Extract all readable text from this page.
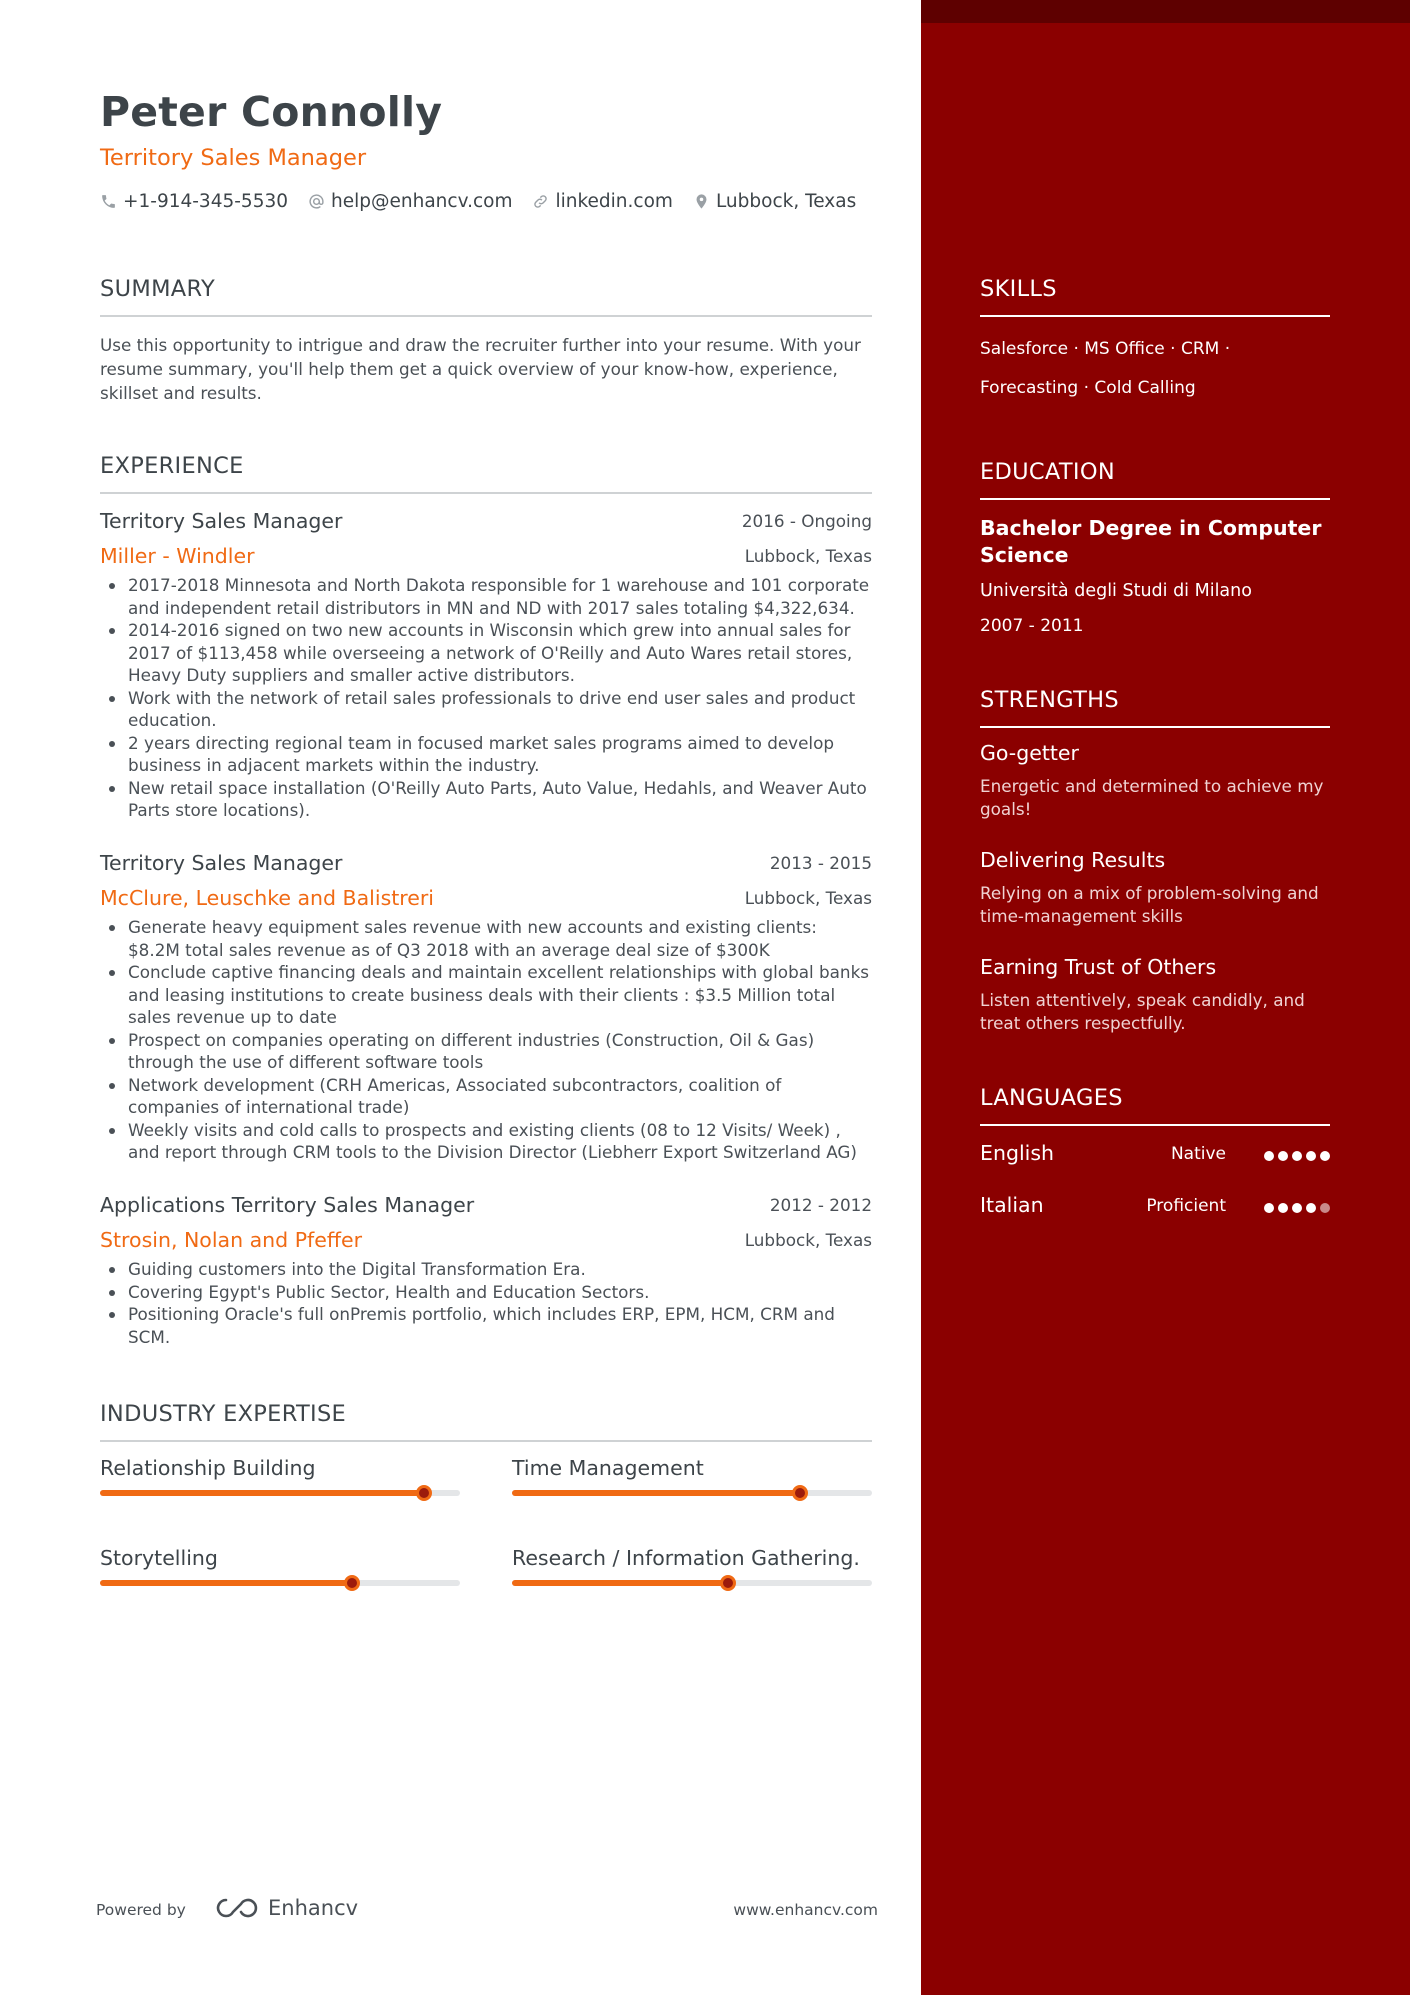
Peter Connolly
Territory Sales Manager
+1-914-345-5530 help@enhancv.com linkedin.com Lubbock, Texas
SUMMARY
Use this opportunity to intrigue and draw the recruiter further into your resume. With your resume summary, you'll help them get a quick overview of your know-how, experience, skillset and results.
EXPERIENCE
Territory Sales Manager	2016 - Ongoing
Miller - Windler	Lubbock, Texas
2017-2018 Minnesota and North Dakota responsible for 1 warehouse and 101 corporate and independent retail distributors in MN and ND with 2017 sales totaling $4,322,634.
2014-2016 signed on two new accounts in Wisconsin which grew into annual sales for 2017 of $113,458 while overseeing a network of O'Reilly and Auto Wares retail stores, Heavy Duty suppliers and smaller active distributors.
Work with the network of retail sales professionals to drive end user sales and product education.
2 years directing regional team in focused market sales programs aimed to develop business in adjacent markets within the industry.
New retail space installation (O'Reilly Auto Parts, Auto Value, Hedahls, and Weaver Auto Parts store locations).
Territory Sales Manager	2013 - 2015
McClure, Leuschke and Balistreri	Lubbock, Texas
Generate heavy equipment sales revenue with new accounts and existing clients: $8.2M total sales revenue as of Q3 2018 with an average deal size of $300K
Conclude captive financing deals and maintain excellent relationships with global banks and leasing institutions to create business deals with their clients : $3.5 Million total sales revenue up to date
Prospect on companies operating on different industries (Construction, Oil & Gas) through the use of different software tools
Network development (CRH Americas, Associated subcontractors, coalition of companies of international trade)
Weekly visits and cold calls to prospects and existing clients (08 to 12 Visits/ Week) , and report through CRM tools to the Division Director (Liebherr Export Switzerland AG)
Applications Territory Sales Manager	2012 - 2012
Strosin, Nolan and Pfeffer	Lubbock, Texas
Guiding customers into the Digital Transformation Era.
Covering Egypt's Public Sector, Health and Education Sectors.
Positioning Oracle's full onPremis portfolio, which includes ERP, EPM, HCM, CRM and SCM.
INDUSTRY EXPERTISE
Relationship Building	Time Management
Storytelling	Research / Information Gathering.
Powered by	Enhancv	www.enhancv.com
SKILLS
Salesforce · MS Office · CRM ·
Forecasting · Cold Calling
EDUCATION
Bachelor Degree in Computer Science
Università degli Studi di Milano
2007 - 2011
STRENGTHS
Go-getter
Energetic and determined to achieve my goals!
Delivering Results
Relying on a mix of problem-solving and time-management skills
Earning Trust of Others
Listen attentively, speak candidly, and treat others respectfully.
LANGUAGES
English	Native
Italian	Proficient
